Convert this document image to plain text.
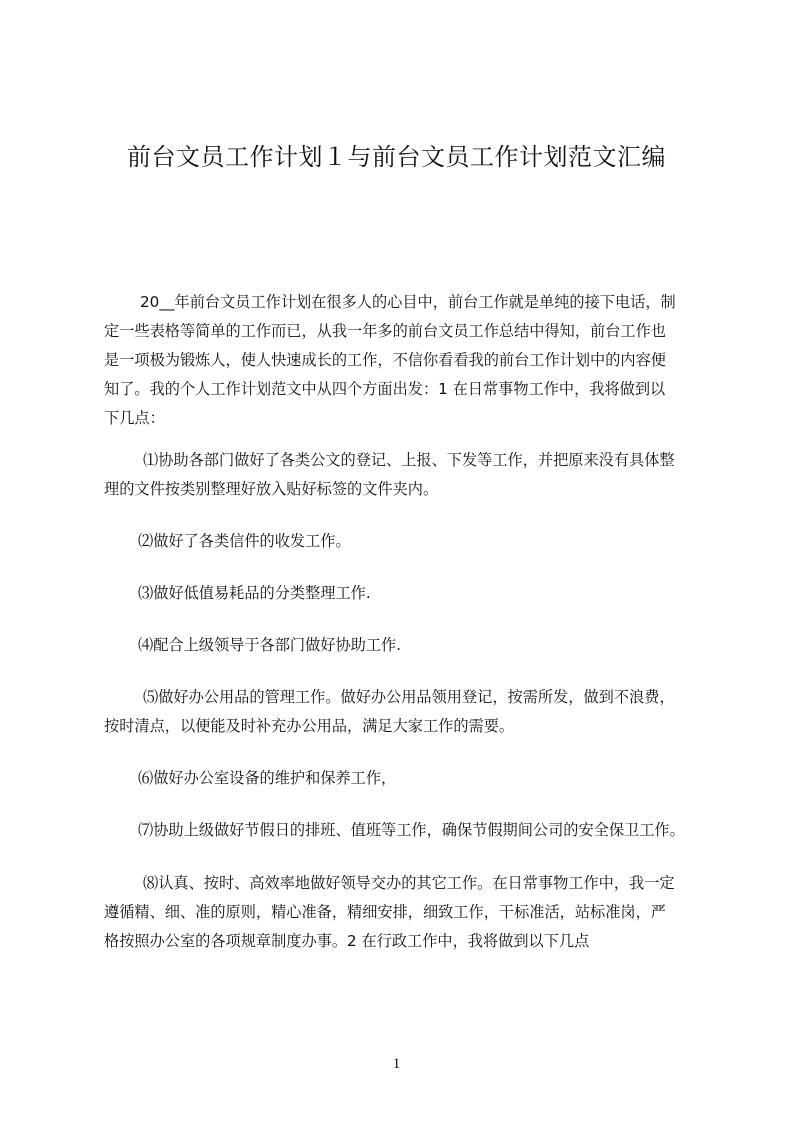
前台文员工作计划１与前台文员工作计划范文汇编

20__年前台文员工作计划在很多人的心目中，前台工作就是单纯的接下电话，制
定一些表格等简单的工作而已，从我一年多的前台文员工作总结中得知，前台工作也
是一项极为锻炼人，使人快速成长的工作，不信你看看我的前台工作计划中的内容便
知了。我的个人工作计划范文中从四个方面出发：1 在日常事物工作中，我将做到以
下几点：

⑴协助各部门做好了各类公文的登记、上报、下发等工作，并把原来没有具体整
理的文件按类别整理好放入贴好标签的文件夹内。

⑵做好了各类信件的收发工作。

⑶做好低值易耗品的分类整理工作.

⑷配合上级领导于各部门做好协助工作.

⑸做好办公用品的管理工作。做好办公用品领用登记，按需所发，做到不浪费，
按时清点，以便能及时补充办公用品，满足大家工作的需要。

⑹做好办公室设备的维护和保养工作，

⑺协助上级做好节假日的排班、值班等工作，确保节假期间公司的安全保卫工作。

⑻认真、按时、高效率地做好领导交办的其它工作。在日常事物工作中，我一定
遵循精、细、准的原则，精心准备，精细安排，细致工作，干标准活，站标准岗，严
格按照办公室的各项规章制度办事。2 在行政工作中，我将做到以下几点

1
